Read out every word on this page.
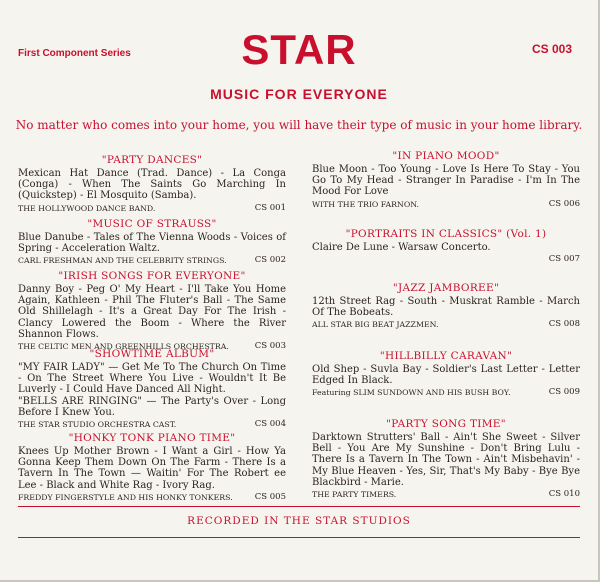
First Component Series	STAR	CS 003
MUSIC FOR EVERYONE
No matter who comes into your home, you will have their type of music in your home library.
"PARTY DANCES"
Mexican Hat Dance (Trad. Dance) - La Conga (Conga) - When The Saints Go Marching In (Quickstep) - El Mosquito (Samba).
THE HOLLYWOOD DANCE BAND.	CS 001
"MUSIC OF STRAUSS"
Blue Danube - Tales of The Vienna Woods - Voices of Spring - Acceleration Waltz.
CARL FRESHMAN AND THE CELEBRITY STRINGS.	CS 002
"IRISH SONGS FOR EVERYONE"
Danny Boy - Peg O' My Heart - I'll Take You Home Again, Kathleen - Phil The Fluter's Ball - The Same Old Shillelagh - It's a Great Day For The Irish - Clancy Lowered the Boom - Where the River Shannon Flows.
THE CELTIC MEN AND GREENHILLS ORCHESTRA.	CS 003
"SHOWTIME ALBUM"
"MY FAIR LADY" — Get Me To The Church On Time - On The Street Where You Live - Wouldn't It Be Luverly - I Could Have Danced All Night.
"BELLS ARE RINGING" — The Party's Over - Long Before I Knew You.
THE STAR STUDIO ORCHESTRA CAST.	CS 004
"HONKY TONK PIANO TIME"
Knees Up Mother Brown - I Want a Girl - How Ya Gonna Keep Them Down On The Farm - There Is a Tavern In The Town — Waitin' For The Robert ee Lee - Black and White Rag - Ivory Rag.
FREDDY FINGERSTYLE AND HIS HONKY TONKERS.	CS 005
"IN PIANO MOOD"
Blue Moon - Too Young - Love Is Here To Stay - You Go To My Head - Stranger In Paradise - I'm In The Mood For Love
WITH THE TRIO FARNON.	CS 006
"PORTRAITS IN CLASSICS" (Vol. 1)
Claire De Lune - Warsaw Concerto.
CS 007
"JAZZ JAMBOREE"
12th Street Rag - South - Muskrat Ramble - March Of The Bobeats.
ALL STAR BIG BEAT JAZZMEN.	CS 008
"HILLBILLY CARAVAN"
Old Shep - Suvla Bay - Soldier's Last Letter - Letter Edged In Black.
Featuring SLIM SUNDOWN AND HIS BUSH BOY.	CS 009
"PARTY SONG TIME"
Darktown Strutters' Ball - Ain't She Sweet - Silver Bell - You Are My Sunshine - Don't Bring Lulu - There Is a Tavern In The Town - Ain't Misbehavin' - My Blue Heaven - Yes, Sir, That's My Baby - Bye Bye Blackbird - Marie.
THE PARTY TIMERS.	CS 010
RECORDED IN THE STAR STUDIOS
